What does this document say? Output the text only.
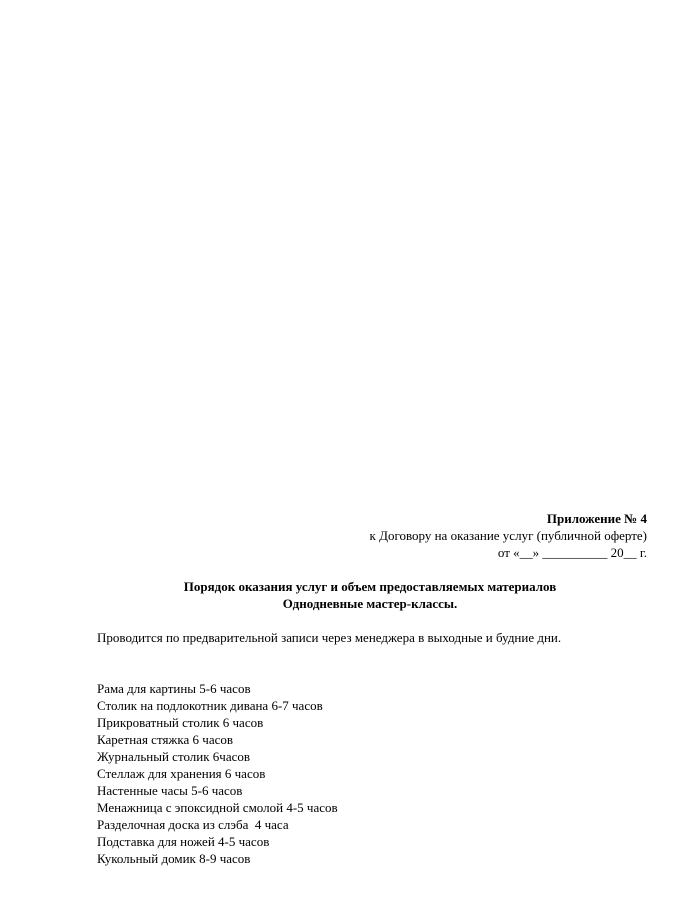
Приложение № 4
к Договору на оказание услуг (публичной оферте)
от «__» __________ 20__ г.
Порядок оказания услуг и объем предоставляемых материалов
Однодневные мастер-классы.
Проводится по предварительной записи через менеджера в выходные и будние дни.
Рама для картины 5-6 часов
Столик на подлокотник дивана 6-7 часов
Прикроватный столик 6 часов
Каретная стяжка 6 часов
Журнальный столик 6часов
Стеллаж для хранения 6 часов
Настенные часы 5-6 часов
Менажница с эпоксидной смолой 4-5 часов
Разделочная доска из слэба  4 часа
Подставка для ножей 4-5 часов
Кукольный домик 8-9 часов
